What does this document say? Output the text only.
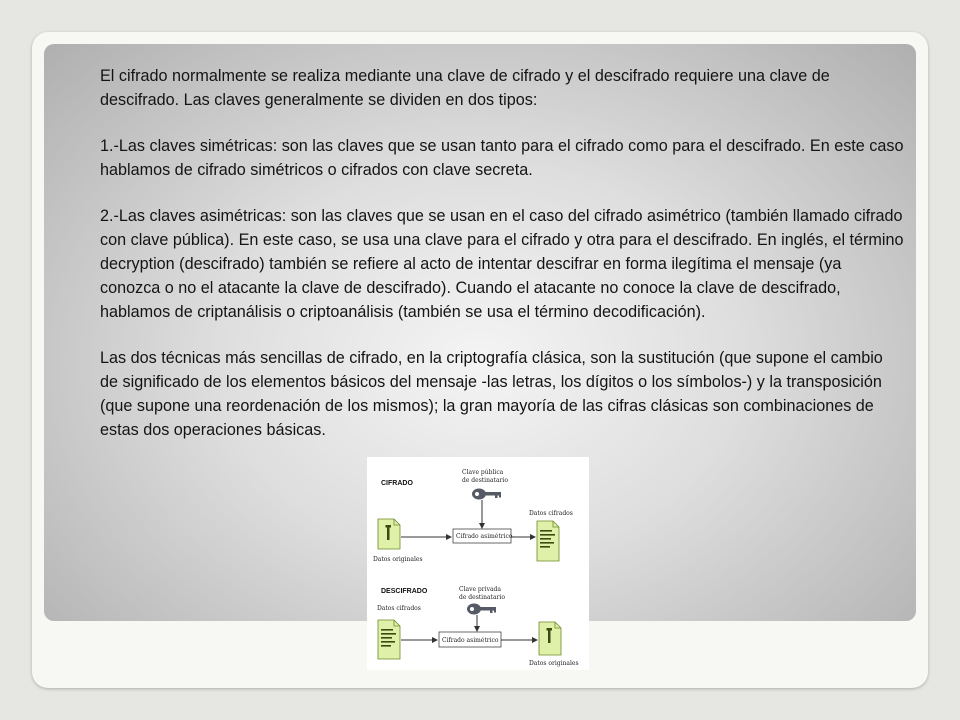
El cifrado normalmente se realiza mediante una clave de cifrado y el descifrado requiere una clave de descifrado. Las claves generalmente se dividen en dos tipos:

1.-Las claves simétricas: son las claves que se usan tanto para el cifrado como para el descifrado. En este caso hablamos de cifrado simétricos o cifrados con clave secreta.

2.-Las claves asimétricas: son las claves que se usan en el caso del cifrado asimétrico (también llamado cifrado con clave pública). En este caso, se usa una clave para el cifrado y otra para el descifrado. En inglés, el término decryption (descifrado) también se refiere al acto de intentar descifrar en forma ilegítima el mensaje (ya conozca o no el atacante la clave de descifrado). Cuando el atacante no conoce la clave de descifrado, hablamos de criptanálisis o criptoanálisis (también se usa el término decodificación).

Las dos técnicas más sencillas de cifrado, en la criptografía clásica, son la sustitución (que supone el cambio de significado de los elementos básicos del mensaje -las letras, los dígitos o los símbolos-) y la transposición (que supone una reordenación de los mismos); la gran mayoría de las cifras clásicas son combinaciones de estas dos operaciones básicas.

CIFRADO
Clave pública
de destinatario
Datos originales
Cifrado asimétrico
Datos cifrados
DESCIFRADO	Clave privada
de destinatario
Datos cifrados
Cifrado asimétrico
Datos originales
